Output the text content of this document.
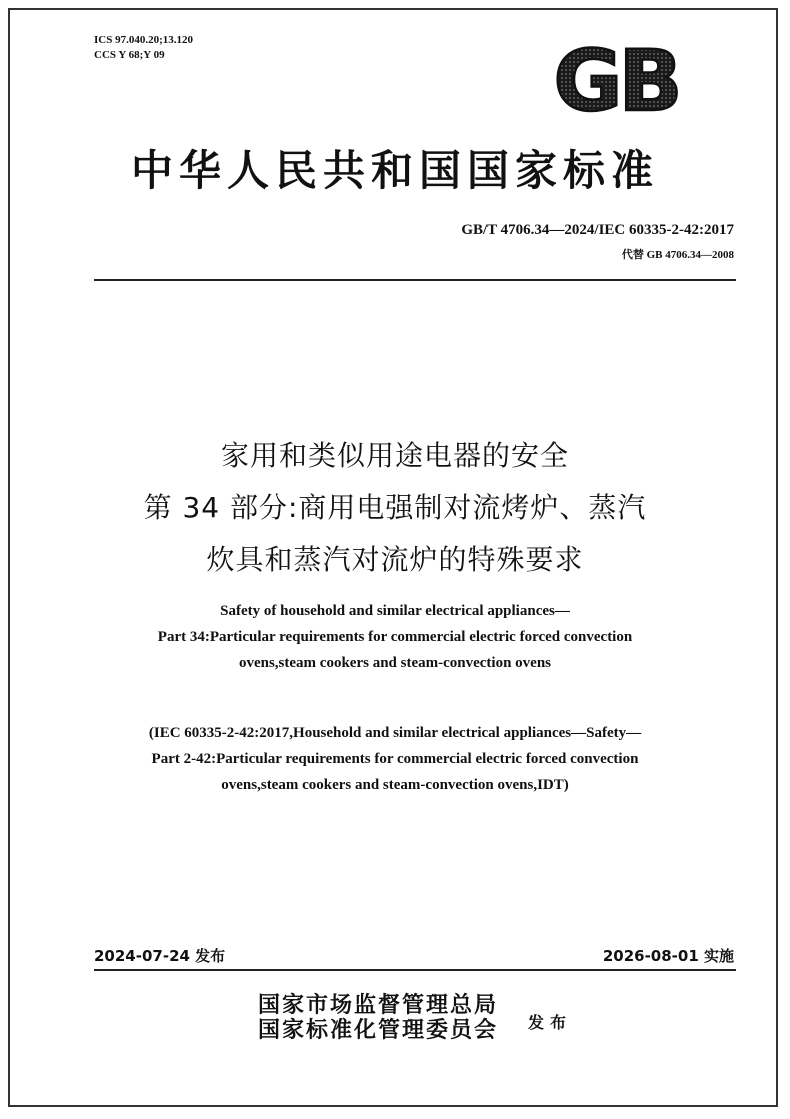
ICS 97.040.20;13.120
CCS Y 68;Y 09	GB
中华人民共和国国家标准
GB/T 4706.34—2024/IEC 60335-2-42:2017
代替 GB 4706.34—2008
家用和类似用途电器的安全
第 34 部分:商用电强制对流烤炉、蒸汽
炊具和蒸汽对流炉的特殊要求
Safety of household and similar electrical appliances—
Part 34:Particular requirements for commercial electric forced convection
ovens,steam cookers and steam-convection ovens
(IEC 60335-2-42:2017,Household and similar electrical appliances—Safety—
Part 2-42:Particular requirements for commercial electric forced convection
ovens,steam cookers and steam-convection ovens,IDT)
2024-07-24 发布	2026-08-01 实施
国家市场监督管理总局
国家标准化管理委员会 发布
